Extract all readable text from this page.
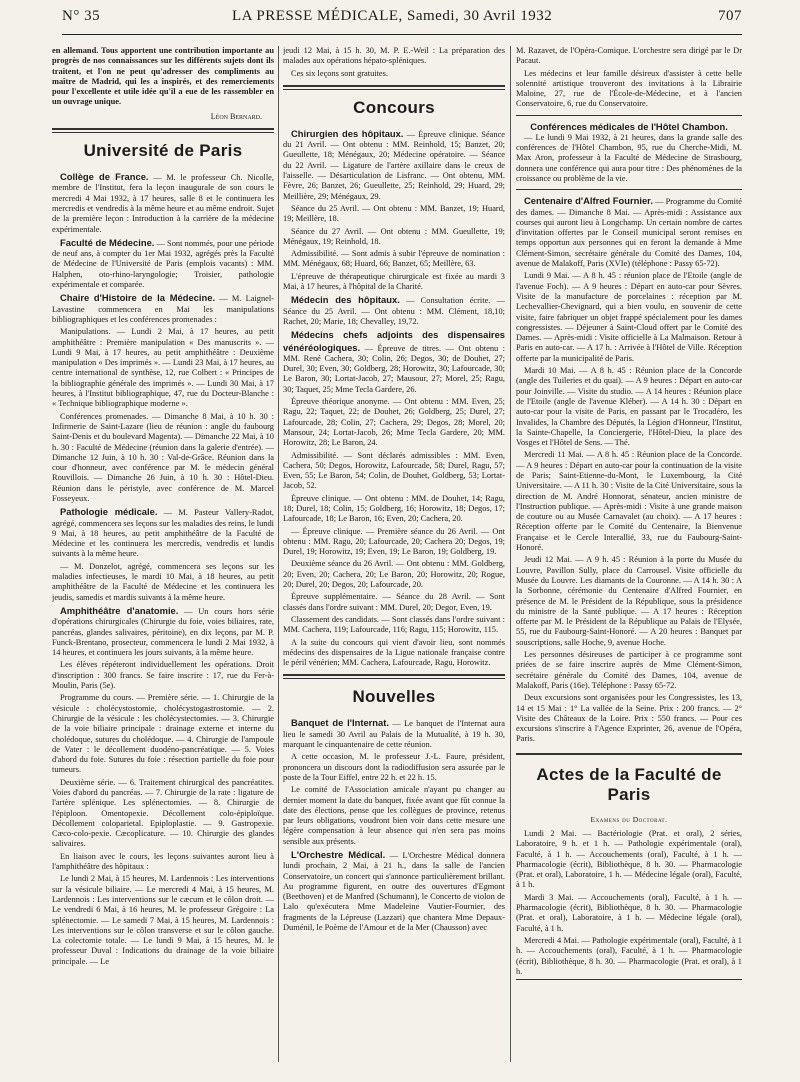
N° 35	LA PRESSE MÉDICALE, Samedi, 30 Avril 1932	707

en allemand. Tous apportent une contribution importante au progrès de nos connaissances sur les différents sujets dont ils traitent, et l'on ne peut qu'adresser des compliments au maître de Madrid, qui les a inspirés, et des remerciements pour l'excellente et utile idée qu'il a eue de les rassembler en un ouvrage unique.

Léon Bernard.
Université de Paris

Collège de France. — M. le professeur Ch. Nicolle, membre de l'Institut, fera la leçon inaugurale de son cours le mercredi 4 Mai 1932, à 17 heures, salle 8 et le continuera les mercredis et vendredis à la même heure et au même endroit. Sujet de la première leçon : Introduction à la carrière de la médecine expérimentale.

Faculté de Médecine. — Sont nommés, pour une période de neuf ans, à compter du 1er Mai 1932, agrégés près la Faculté de Médecine de l'Université de Paris (emplois vacants) : MM. Halphen, oto-rhino-laryngologie; Troisier, pathologie expérimentale et comparée.

Chaire d'Histoire de la Médecine. — M. Laignel-Lavastine commencera en Mai les manipulations bibliographiques et les conférences promenades :

Manipulations. — Lundi 2 Mai, à 17 heures, au petit amphithéâtre : Première manipulation « Des manuscrits ». — Lundi 9 Mai, à 17 heures, au petit amphithéâtre : Deuxième manipulation « Des imprimés ». — Lundi 23 Mai, à 17 heures, au centre international de synthèse, 12, rue Colbert : « Principes de la bibliographie générale des imprimés ». — Lundi 30 Mai, à 17 heures, à l'Institut bibliographique, 47, rue du Docteur-Blanche : « Technique bibliographique moderne ».

Conférences promenades. — Dimanche 8 Mai, à 10 h. 30 : Infirmerie de Saint-Lazare (lieu de réunion : angle du faubourg Saint-Denis et du boulevard Magenta). — Dimanche 22 Mai, à 10 h. 30 : Faculté de Médecine (réunion dans la galerie d'entrée). — Dimanche 12 Juin, à 10 h. 30 : Val-de-Grâce. Réunion dans la cour d'honneur, avec conférence par M. le médecin général Rouvillois. — Dimanche 26 Juin, à 10 h. 30 : Hôtel-Dieu. Réunion dans le péristyle, avec conférence de M. Marcel Fosseyeux.

Pathologie médicale. — M. Pasteur Vallery-Radot, agrégé, commencera ses leçons sur les maladies des reins, le lundi 9 Mai, à 18 heures, au petit amphithéâtre de la Faculté de Médecine et les continuera les mercredis, vendredis et lundis suivants à la même heure.

— M. Donzelot, agrégé, commencera ses leçons sur les maladies infectieuses, le mardi 10 Mai, à 18 heures, au petit amphithéâtre de la Faculté de Médecine et les continuera les jeudis, samedis et mardis suivants à la même heure.

Amphithéâtre d'anatomie. — Un cours hors série d'opérations chirurgicales (Chirurgie du foie, voies biliaires, rate, pancréas, glandes salivaires, péritoine), en dix leçons, par M. P. Funck-Brentano, prosecteur, commencera le lundi 2 Mai 1932, à 14 heures, et continuera les jours suivants, à la même heure.

Les élèves répéteront individuellement les opérations. Droit d'inscription : 300 francs. Se faire inscrire : 17, rue du Fer-à-Moulin, Paris (5e).

Programme du cours. — Première série. — 1. Chirurgie de la vésicule : cholécystostomie, cholécystogastrostomie. — 2. Chirurgie de la vésicule : les cholécystectomies. — 3. Chirurgie de la voie biliaire principale : drainage externe et interne du cholédoque, sutures du cholédoque. — 4. Chirurgie de l'ampoule de Vater : le décollement duodéno-pancréatique. — 5. Voies d'abord du foie. Sutures du foie : résection partielle du foie pour tumeurs.

Deuxième série. — 6. Traitement chirurgical des pancréatites. Voies d'abord du pancréas. — 7. Chirurgie de la rate : ligature de l'artère splénique. Les splénectomies. — 8. Chirurgie de l'épiploon. Omentopexie. Décollement colo-épiploïque. Décollement coloparietal. Epiploplastie. — 9. Gastropexie. Cæco-colo-pexie. Cæcoplicature. — 10. Chirurgie des glandes salivaires.

En liaison avec le cours, les leçons suivantes auront lieu à l'amphithéâtre des hôpitaux :

Le lundi 2 Mai, à 15 heures, M. Lardennois : Les interventions sur la vésicule biliaire. — Le mercredi 4 Mai, à 15 heures, M. Lardennois : Les interventions sur le cæcum et le côlon droit. — Le vendredi 6 Mai, à 16 heures, M. le professeur Grégoire : La splénectomie. — Le samedi 7 Mai, à 15 heures, M. Lardennois : Les interventions sur le côlon transverse et sur le côlon gauche. La colectomie totale. — Le lundi 9 Mai, à 15 heures, M. le professeur Duval : Indications du drainage de la voie biliaire principale. — Le

jeudi 12 Mai, à 15 h. 30, M. P. E.-Weil : La préparation des malades aux opérations hépato-spléniques.

Ces six leçons sont gratuites.

Concours

Chirurgien des hôpitaux. — Épreuve clinique. Séance du 21 Avril. — Ont obtenu : MM. Reinhold, 15; Banzet, 20; Gueullette, 18; Ménégaux, 20; Médecine opératoire. — Séance du 22 Avril. — Ligature de l'artère axillaire dans le creux de l'aisselle. — Désarticulation de Lisfranc. — Ont obtenu, MM. Fèvre, 26; Banzet, 26; Gueullette, 25; Reinhold, 29; Huard, 29; Meillière, 29; Ménégaux, 29.

Séance du 25 Avril. — Ont obtenu : MM. Banzet, 19; Huard, 19; Meillère, 18.

Séance du 27 Avril. — Ont obtenu : MM. Gueullette, 19; Ménégaux, 19; Reinhold, 18.

Admissibilité. — Sont admis à subir l'épreuve de nomination : MM. Ménégaux, 68; Huard, 66; Banzet, 65; Meillère, 63.

L'épreuve de thérapeutique chirurgicale est fixée au mardi 3 Mai, à 17 heures, à l'hôpital de la Charité.

Médecin des hôpitaux. — Consultation écrite. — Séance du 25 Avril. — Ont obtenu : MM. Clément, 18,10; Rachet, 20; Marie, 18; Chevalley, 19,72.

Médecins chefs adjoints des dispensaires vénéréologiques. — Épreuve de titres. — Ont obtenu : MM. René Cachera, 30; Colin, 26; Degos, 30; de Douhet, 27; Durel, 30; Even, 30; Goldberg, 28; Horowitz, 30; Lafourcade, 30; Le Baron, 30; Lortat-Jacob, 27; Mausour, 27; Morel, 25; Ragu, 30; Taquet, 25; Mme Tecla Gardere, 26.

Épreuve théorique anonyme. — Ont obtenu : MM. Even, 25; Ragu, 22; Taquet, 22; de Douhet, 26; Goldberg, 25; Durel, 27; Lafourcade, 28; Colin, 27; Cachera, 29; Degos, 28; Morel, 20; Mansour, 24; Lortat-Jacob, 26; Mme Tecla Gardere, 20; MM. Horowitz, 28; Le Baron, 24.

Admissibilité. — Sont déclarés admissibles : MM. Even, Cachera, 50; Degos, Horowitz, Lafourcade, 58; Durel, Ragu, 57; Even, 55; Le Baron, 54; Colin, de Douhet, Goldberg, 53; Lortat-Jacob, 52.

Épreuve clinique. — Ont obtenu : MM. de Douhet, 14; Ragu, 18; Durel, 18; Colin, 15; Goldberg, 16; Horowitz, 18; Degos, 17; Lafourcade, 18; Le Baron, 16; Even, 20; Cachera, 20.

— Épreuve clinique. — Première séance du 26 Avril. — Ont obtenu : MM. Ragu, 20; Lafourcade, 20; Cachera 20; Degos, 19; Durel, 19; Horowitz, 19; Even, 19; Le Baron, 19; Goldberg, 19.

Deuxième séance du 26 Avril. — Ont obtenu : MM. Goldberg, 20; Even, 20; Cachera, 20; Le Baron, 20; Horowitz, 20; Rogue, 20; Durel, 20; Degos, 20; Lafourcade, 20.

Épreuve supplémentaire. — Séance du 28 Avril. — Sont classés dans l'ordre suivant : MM. Durel, 20; Degor, Even, 19.

Classement des candidats. — Sont classés dans l'ordre suivant : MM. Cachera, 119; Lafourcade, 116; Ragu, 115; Horowitz, 115.

A la suite du concours qui vient d'avoir lieu, sont nommés médecins des dispensaires de la Ligue nationale française contre le péril vénérien; MM. Cachera, Lafourcade, Ragu, Horowitz.

Nouvelles

Banquet de l'Internat. — Le banquet de l'Internat aura lieu le samedi 30 Avril au Palais de la Mutualité, à 19 h. 30, marquant le cinquantenaire de cette réunion.

A cette occasion, M. le professeur J.-L. Faure, président, prononcera un discours dont la radiodiffusion sera assurée par le poste de la Tour Eiffel, entre 22 h. et 22 h. 15.

Le comité de l'Association amicale n'ayant pu changer au dernier moment la date du banquet, fixée avant que fût connue la date des élections, pense que les collègues de province, retenus par leurs obligations, voudront bien voir dans cette mesure une légère compensation à leur absence qui n'en sera pas moins sensible aux présents.

L'Orchestre Médical. — L'Orchestre Médical donnera lundi prochain, 2 Mai, à 21 h., dans la salle de l'ancien Conservatoire, un concert qui s'annonce particulièrement brillant. Au programme figurent, en outre des ouvertures d'Egmont (Beethoven) et de Manfred (Schumann), le Concerto de violon de Lalo qu'exécutera Mme Madeleine Vautier-Fournier, des fragments de la Lépreuse (Lazzari) que chantera Mme Depaux-Duménil, le Poème de l'Amour et de la Mer (Chausson) avec

M. Razavet, de l'Opéra-Comique. L'orchestre sera dirigé par le Dr Pacaut.

Les médecins et leur famille désireux d'assister à cette belle solennité artistique trouveront des invitations à la Librairie Maloine, 27, rue de l'École-de-Médecine, et à l'ancien Conservatoire, 6, rue du Conservatoire.

Conférences médicales de l'Hôtel Chambon.

— Le lundi 9 Mai 1932, à 21 heures, dans la grande salle des conférences de l'Hôtel Chambon, 95, rue du Cherche-Midi, M. Max Aron, professeur à la Faculté de Médecine de Strasbourg, donnera une conférence qui aura pour titre : Des phénomènes de la croissance ou problème de la vie.

Centenaire d'Alfred Fournier. — Programme du Comité des dames. — Dimanche 8 Mai. — Après-midi : Assistance aux courses qui auront lieu à Longchamp. Un certain nombre de cartes d'invitation offertes par le Conseil municipal seront remises en temps opportun aux personnes qui en feront la demande à Mme Clément-Simon, secrétaire générale du Comité des Dames, 104, avenue de Malakoff, Paris (XVIe) (téléphone : Passy 65-72).

Lundi 9 Mai. — A 8 h. 45 : réunion place de l'Etoile (angle de l'avenue Foch). — A 9 heures : Départ en auto-car pour Sèvres. Visite de la manufacture de porcelaines : réception par M. Lechevallier-Chevignard, qui a bien voulu, en souvenir de cette visite, faire fabriquer un objet frappé spécialement pour les dames congressistes. — Déjeuner à Saint-Cloud offert par le Comité des Dames. — Après-midi : Visite officielle à La Malmaison. Retour à Paris en auto-car. — A 17 h. : Arrivée à l'Hôtel de Ville. Réception offerte par la municipalité de Paris.

Mardi 10 Mai. — A 8 h. 45 : Réunion place de la Concorde (angle des Tuileries et du quai). — A 9 heures : Départ en auto-car pour Joinville. — Visite du studio. — A 14 heures : Réunion place de l'Etoile (angle de l'avenue Kléber). — A 14 h. 30 : Départ en auto-car pour la visite de Paris, en passant par le Trocadéro, les Invalides, la Chambre des Députés, la Légion d'Honneur, l'Institut, la Sainte-Chapelle, la Conciergerie, l'Hôtel-Dieu, la place des Vosges et l'Hôtel de Sens. — Thé.

Mercredi 11 Mai. — A 8 h. 45 : Réunion place de la Concorde. — A 9 heures : Départ en auto-car pour la continuation de la visite de Paris; Saint-Etienne-du-Mont, le Luxembourg, la Cité Universitaire. — A 11 h. 30 : Visite de la Cité Universitaire, sous la direction de M. André Honnorat, sénateur, ancien ministre de l'Instruction publique. — Après-midi : Visite à une grande maison de couture ou au Musée Carnavalet (au choix). — A 17 heures : Réception offerte par le Comité du Centenaire, la Bienvenue Française et le Cercle Interallié, 33, rue du Faubourg-Saint-Honoré.

Jeudi 12 Mai. — A 9 h. 45 : Réunion à la porte du Musée du Louvre, Pavillon Sully, place du Carrousel. Visite officielle du Musée du Louvre. Les diamants de la Couronne. — A 14 h. 30 : A la Sorbonne, cérémonie du Centenaire d'Alfred Fournier, en présence de M. le Président de la République, sous la présidence du ministre de la Santé publique. — A 17 heures : Réception offerte par M. le Président de la République au Palais de l'Elysée, 55, rue du Faubourg-Saint-Honoré. — A 20 heures : Banquet par souscriptions, salle Hoche, 9, avenue Hoche.

Les personnes désireuses de participer à ce programme sont priées de se faire inscrire auprès de Mme Clément-Simon, secrétaire générale du Comité des Dames, 104, avenue de Malakoff, Paris (16e). Téléphone : Passy 65-72.

Deux excursions sont organisées pour les Congressistes, les 13, 14 et 15 Mai : 1° La vallée de la Seine. Prix : 200 francs. — 2° Visite des Châteaux de la Loire. Prix : 550 francs. — Pour ces excursions s'inscrire à l'Agence Exprinter, 26, avenue de l'Opéra, Paris.

Actes de la Faculté de Paris
Examens du Doctorat.

Lundi 2 Mai. — Bactériologie (Prat. et oral), 2 séries, Laboratoire, 9 h. et 1 h. — Pathologie expérimentale (oral), Faculté, à 1 h. — Accouchements (oral), Faculté, à 1 h. — Pharmacologie (écrit), Bibliothèque, 8 h. 30. — Pharmacologie (Prat. et oral), Laboratoire, 1 h. — Médecine légale (oral), Faculté, à 1 h.

Mardi 3 Mai. — Accouchements (oral), Faculté, à 1 h. — Pharmacologie (écrit), Bibliothèque, 8 h. 30. — Pharmacologie (Prat. et oral), Laboratoire, à 1 h. — Médecine légale (oral), Faculté, à 1 h.

Mercredi 4 Mai. — Pathologie expérimentale (oral), Faculté, à 1 h. — Accouchements (oral), Faculté, à 1 h. — Pharmacologie (écrit), Bibliothèque, 8 h. 30. — Pharmacologie (Prat. et oral), à 1 h.
